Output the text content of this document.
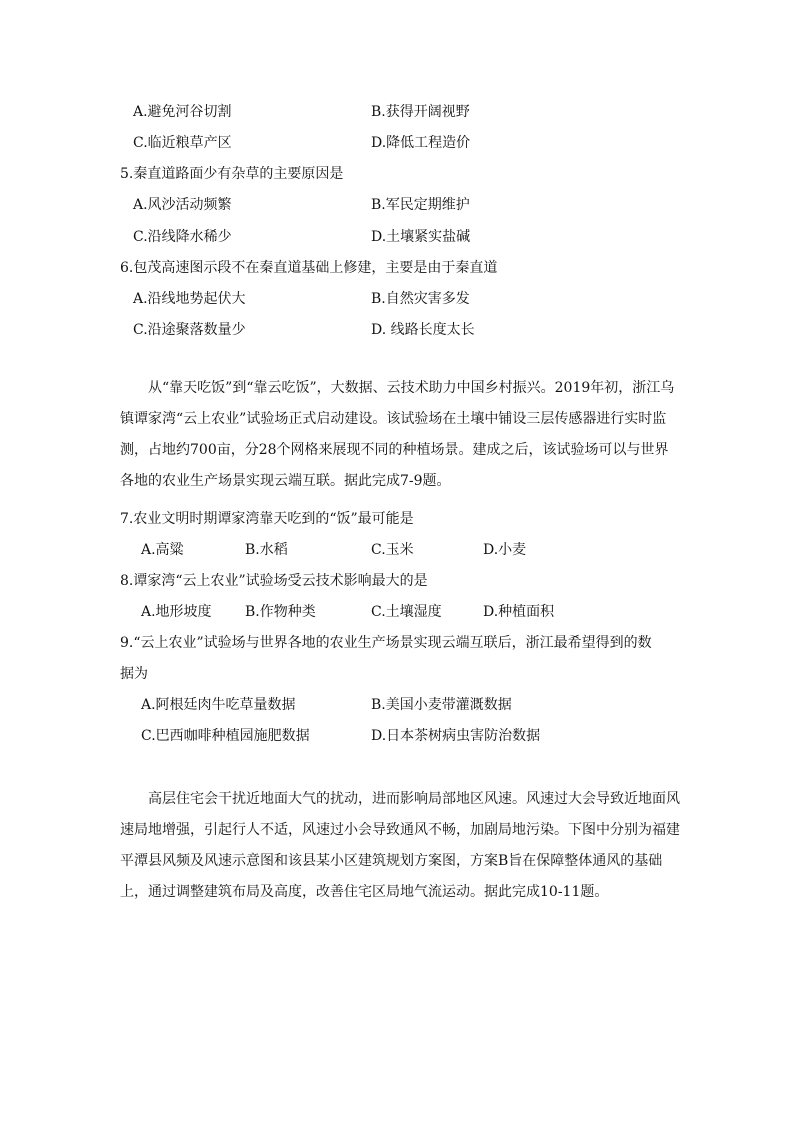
A.避免河谷切割	B.获得开阔视野
C.临近粮草产区	D.降低工程造价
5.秦直道路面少有杂草的主要原因是
A.风沙活动频繁	B.军民定期维护
C.沿线降水稀少	D.土壤紧实盐碱
6.包茂高速图示段不在秦直道基础上修建，主要是由于秦直道
A.沿线地势起伏大	B.自然灾害多发
C.沿途聚落数量少	D. 线路长度太长
从“靠天吃饭”到“靠云吃饭”，大数据、云技术助力中国乡村振兴。2019年初，浙江乌镇谭家湾“云上农业”试验场正式启动建设。该试验场在土壤中铺设三层传感器进行实时监测，占地约700亩，分28个网格来展现不同的种植场景。建成之后，该试验场可以与世界各地的农业生产场景实现云端互联。据此完成7-9题。
7.农业文明时期谭家湾靠天吃到的“饭”最可能是
A.高粱	B.水稻	C.玉米	D.小麦
8.谭家湾“云上农业”试验场受云技术影响最大的是
A.地形坡度 B.作物种类	C.土壤湿度	D.种植面积
9.“云上农业”试验场与世界各地的农业生产场景实现云端互联后，浙江最希望得到的数
据为
A.阿根廷肉牛吃草量数据	B.美国小麦带灌溉数据
C.巴西咖啡种植园施肥数据	D.日本茶树病虫害防治数据
高层住宅会干扰近地面大气的扰动，进而影响局部地区风速。风速过大会导致近地面风速局地增强，引起行人不适，风速过小会导致通风不畅，加剧局地污染。下图中分别为福建平潭县风频及风速示意图和该县某小区建筑规划方案图，方案B旨在保障整体通风的基础上，通过调整建筑布局及高度，改善住宅区局地气流运动。据此完成10-11题。
